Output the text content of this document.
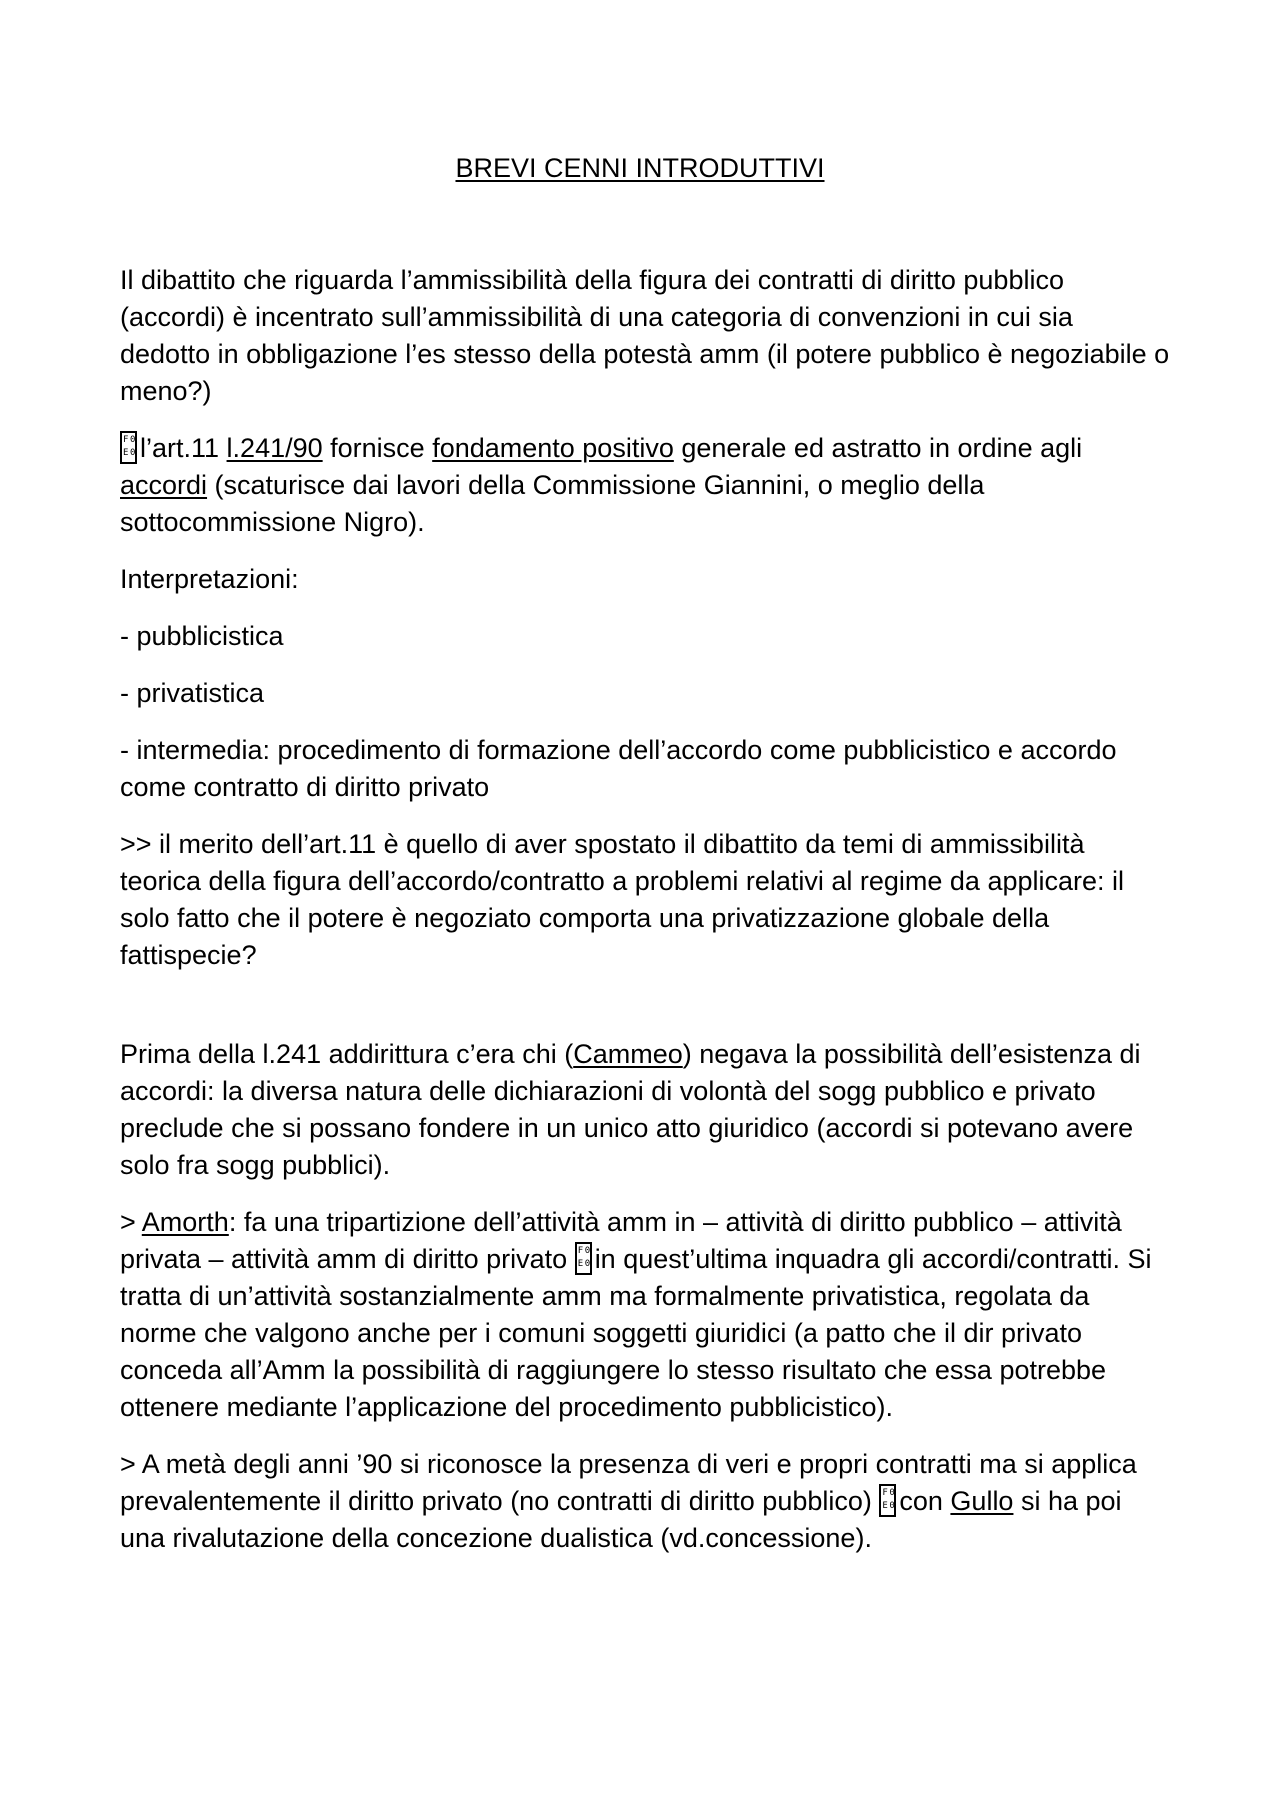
BREVI CENNI INTRODUTTIVI

Il dibattito che riguarda l’ammissibilità della figura dei contratti di diritto pubblico (accordi) è incentrato sull’ammissibilità di una categoria di convenzioni in cui sia dedotto in obbligazione l’es stesso della potestà amm (il potere pubblico è negoziabile o meno?)

F 0
E 0 l’art.11 l.241/90 fornisce fondamento positivo generale ed astratto in ordine agli accordi (scaturisce dai lavori della Commissione Giannini, o meglio della sottocommissione Nigro).

Interpretazioni:

- pubblicistica

- privatistica

- intermedia: procedimento di formazione dell’accordo come pubblicistico e accordo come contratto di diritto privato

>> il merito dell’art.11 è quello di aver spostato il dibattito da temi di ammissibilità teorica della figura dell’accordo/contratto a problemi relativi al regime da applicare: il solo fatto che il potere è negoziato comporta una privatizzazione globale della fattispecie?

Prima della l.241 addirittura c’era chi (Cammeo) negava la possibilità dell’esistenza di accordi: la diversa natura delle dichiarazioni di volontà del sogg pubblico e privato preclude che si possano fondere in un unico atto giuridico (accordi si potevano avere solo fra sogg pubblici).

> Amorth: fa una tripartizione dell’attività amm in – attività di diritto pubblico – attività privata – attività amm di diritto privato F 0
E 0 in quest’ultima inquadra gli accordi/contratti. Si tratta di un’attività sostanzialmente amm ma formalmente privatistica, regolata da norme che valgono anche per i comuni soggetti giuridici (a patto che il dir privato conceda all’Amm la possibilità di raggiungere lo stesso risultato che essa potrebbe ottenere mediante l’applicazione del procedimento pubblicistico).

> A metà degli anni ’90 si riconosce la presenza di veri e propri contratti ma si applica prevalentemente il diritto privato (no contratti di diritto pubblico) F 0
E 0 con Gullo si ha poi una rivalutazione della concezione dualistica (vd.concessione).
